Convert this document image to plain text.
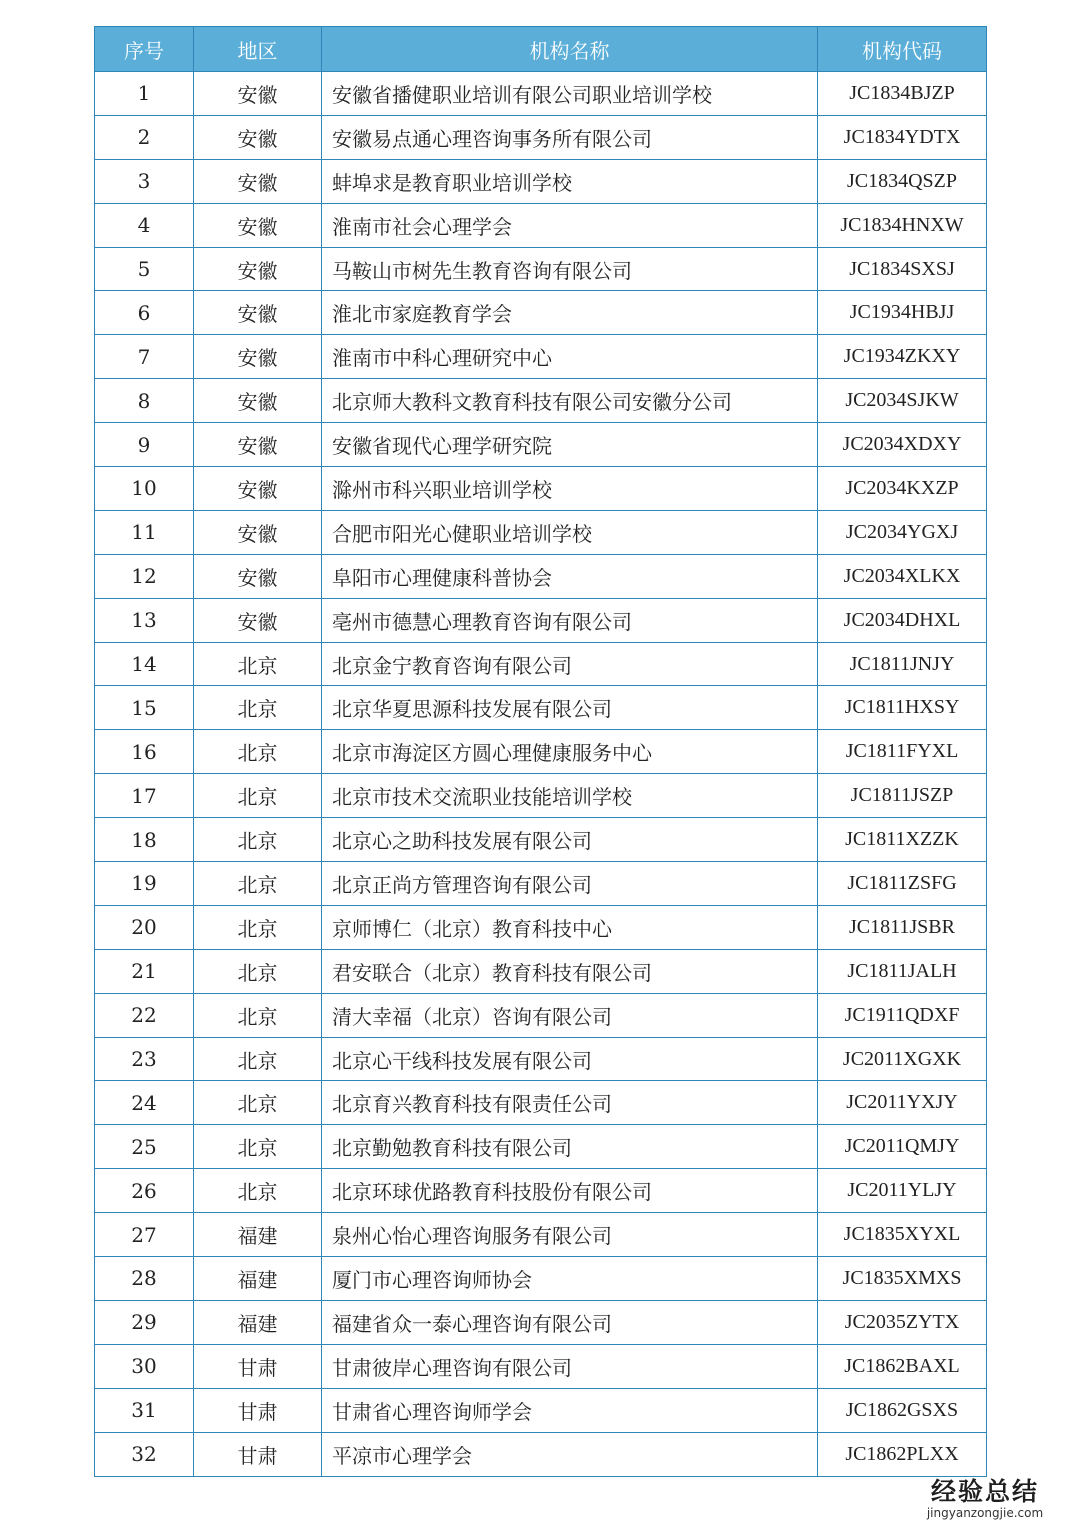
序号	地区	机构名称	机构代码
1	安徽	安徽省播健职业培训有限公司职业培训学校	JC1834BJZP
2	安徽	安徽易点通心理咨询事务所有限公司	JC1834YDTX
3	安徽	蚌埠求是教育职业培训学校	JC1834QSZP
4	安徽	淮南市社会心理学会	JC1834HNXW
5	安徽	马鞍山市树先生教育咨询有限公司	JC1834SXSJ
6	安徽	淮北市家庭教育学会	JC1934HBJJ
7	安徽	淮南市中科心理研究中心	JC1934ZKXY
8	安徽	北京师大教科文教育科技有限公司安徽分公司	JC2034SJKW
9	安徽	安徽省现代心理学研究院	JC2034XDXY
10	安徽	滁州市科兴职业培训学校	JC2034KXZP
11	安徽	合肥市阳光心健职业培训学校	JC2034YGXJ
12	安徽	阜阳市心理健康科普协会	JC2034XLKX
13	安徽	亳州市德慧心理教育咨询有限公司	JC2034DHXL
14	北京	北京金宁教育咨询有限公司	JC1811JNJY
15	北京	北京华夏思源科技发展有限公司	JC1811HXSY
16	北京	北京市海淀区方圆心理健康服务中心	JC1811FYXL
17	北京	北京市技术交流职业技能培训学校	JC1811JSZP
18	北京	北京心之助科技发展有限公司	JC1811XZZK
19	北京	北京正尚方管理咨询有限公司	JC1811ZSFG
20	北京	京师博仁（北京）教育科技中心	JC1811JSBR
21	北京	君安联合（北京）教育科技有限公司	JC1811JALH
22	北京	清大幸福（北京）咨询有限公司	JC1911QDXF
23	北京	北京心干线科技发展有限公司	JC2011XGXK
24	北京	北京育兴教育科技有限责任公司	JC2011YXJY
25	北京	北京勤勉教育科技有限公司	JC2011QMJY
26	北京	北京环球优路教育科技股份有限公司	JC2011YLJY
27	福建	泉州心怡心理咨询服务有限公司	JC1835XYXL
28	福建	厦门市心理咨询师协会	JC1835XMXS
29	福建	福建省众一泰心理咨询有限公司	JC2035ZYTX
30	甘肃	甘肃彼岸心理咨询有限公司	JC1862BAXL
31	甘肃	甘肃省心理咨询师学会	JC1862GSXS
32	甘肃	平凉市心理学会	JC1862PLXX
经验总结
jingyanzongjie.com
